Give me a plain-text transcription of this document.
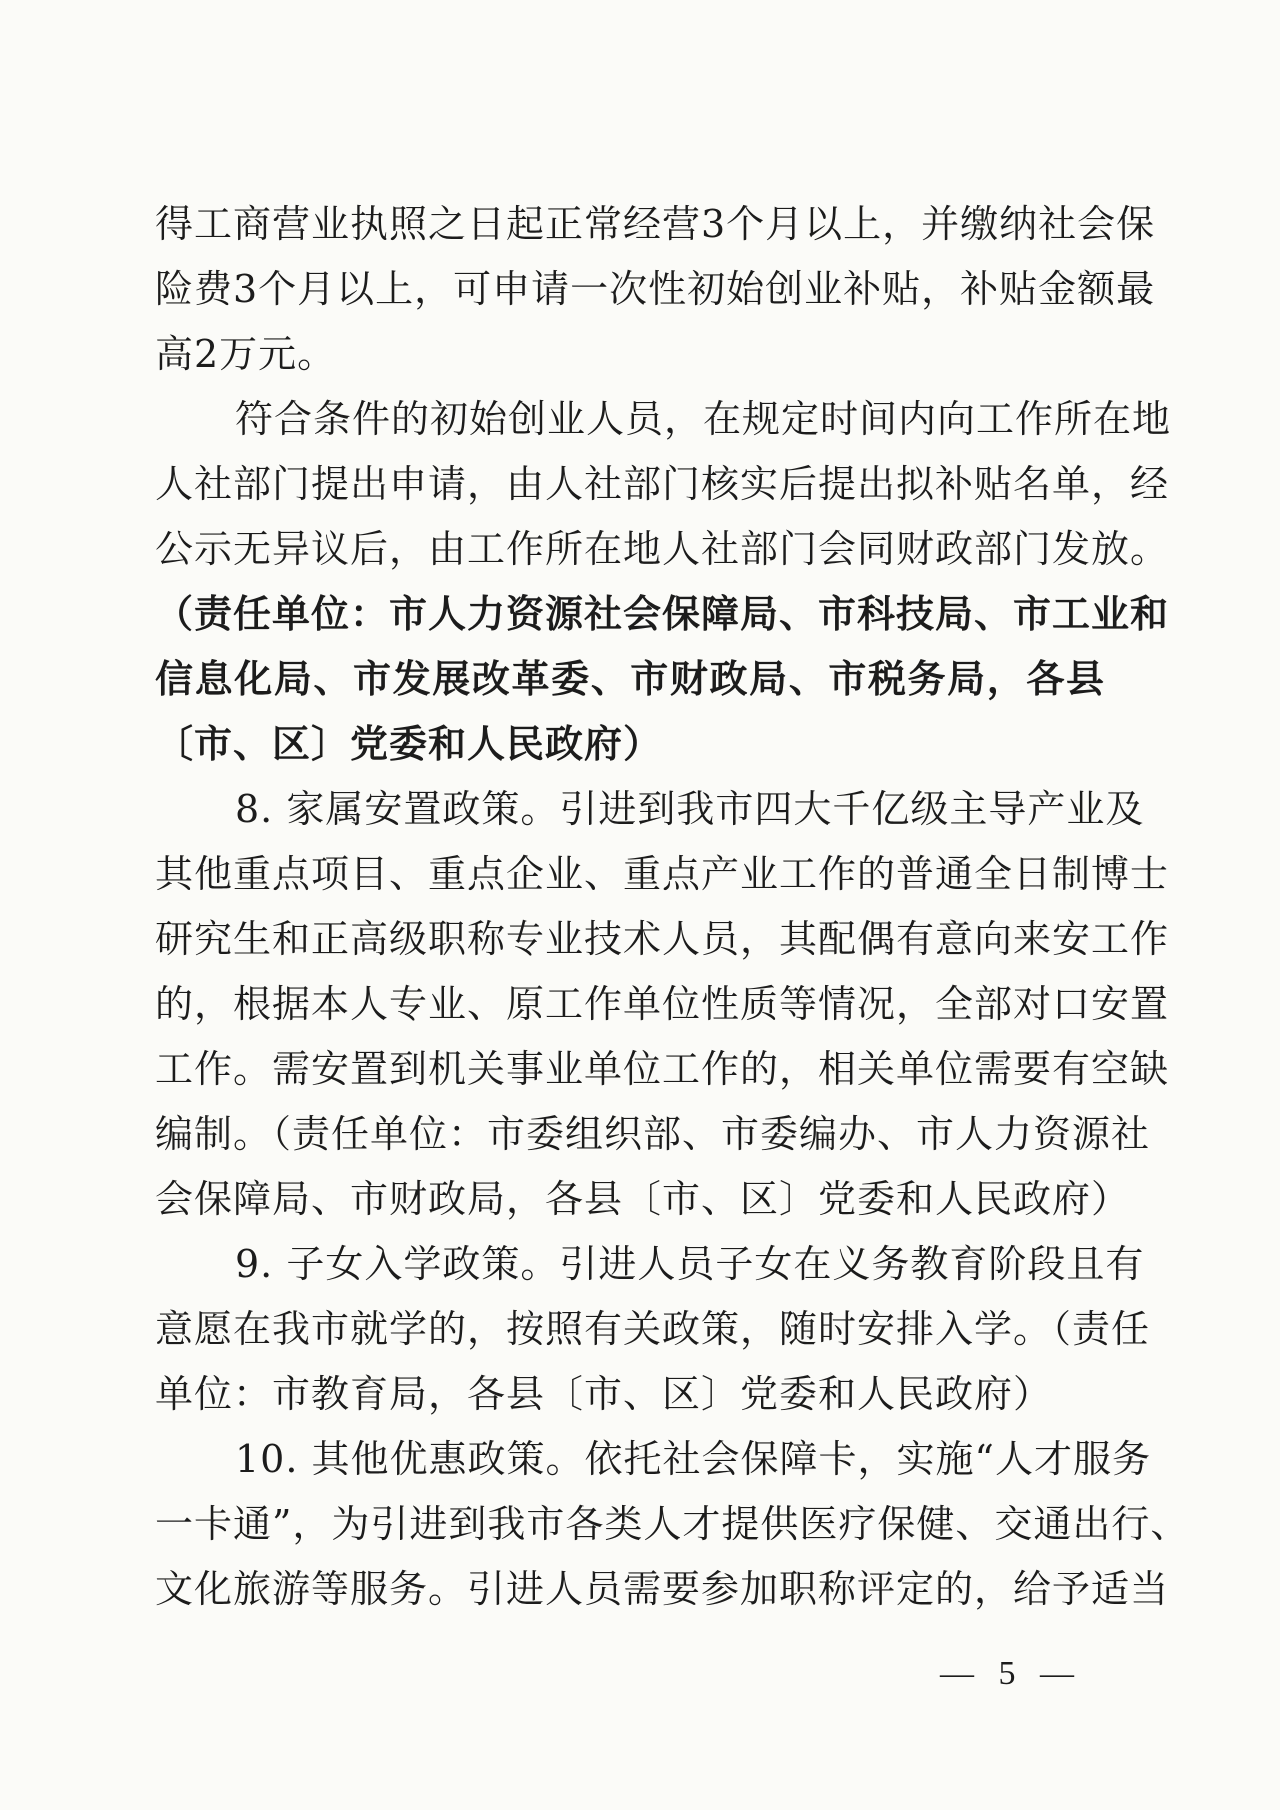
得工商营业执照之日起正常经营3个月以上，并缴纳社会保
险费3个月以上，可申请一次性初始创业补贴，补贴金额最
高2万元。
符合条件的初始创业人员，在规定时间内向工作所在地
人社部门提出申请，由人社部门核实后提出拟补贴名单，经
公示无异议后，由工作所在地人社部门会同财政部门发放。
（责任单位：市人力资源社会保障局、市科技局、市工业和
信息化局、市发展改革委、市财政局、市税务局，各县
〔市、区〕党委和人民政府）
8. 家属安置政策。引进到我市四大千亿级主导产业及
其他重点项目、重点企业、重点产业工作的普通全日制博士
研究生和正高级职称专业技术人员，其配偶有意向来安工作
的，根据本人专业、原工作单位性质等情况，全部对口安置
工作。需安置到机关事业单位工作的，相关单位需要有空缺
编制。（责任单位：市委组织部、市委编办、市人力资源社
会保障局、市财政局，各县〔市、区〕党委和人民政府）
9. 子女入学政策。引进人员子女在义务教育阶段且有
意愿在我市就学的，按照有关政策，随时安排入学。（责任
单位：市教育局，各县〔市、区〕党委和人民政府）
10. 其他优惠政策。依托社会保障卡，实施“人才服务
一卡通”，为引进到我市各类人才提供医疗保健、交通出行、
文化旅游等服务。引进人员需要参加职称评定的，给予适当
— 5 —
